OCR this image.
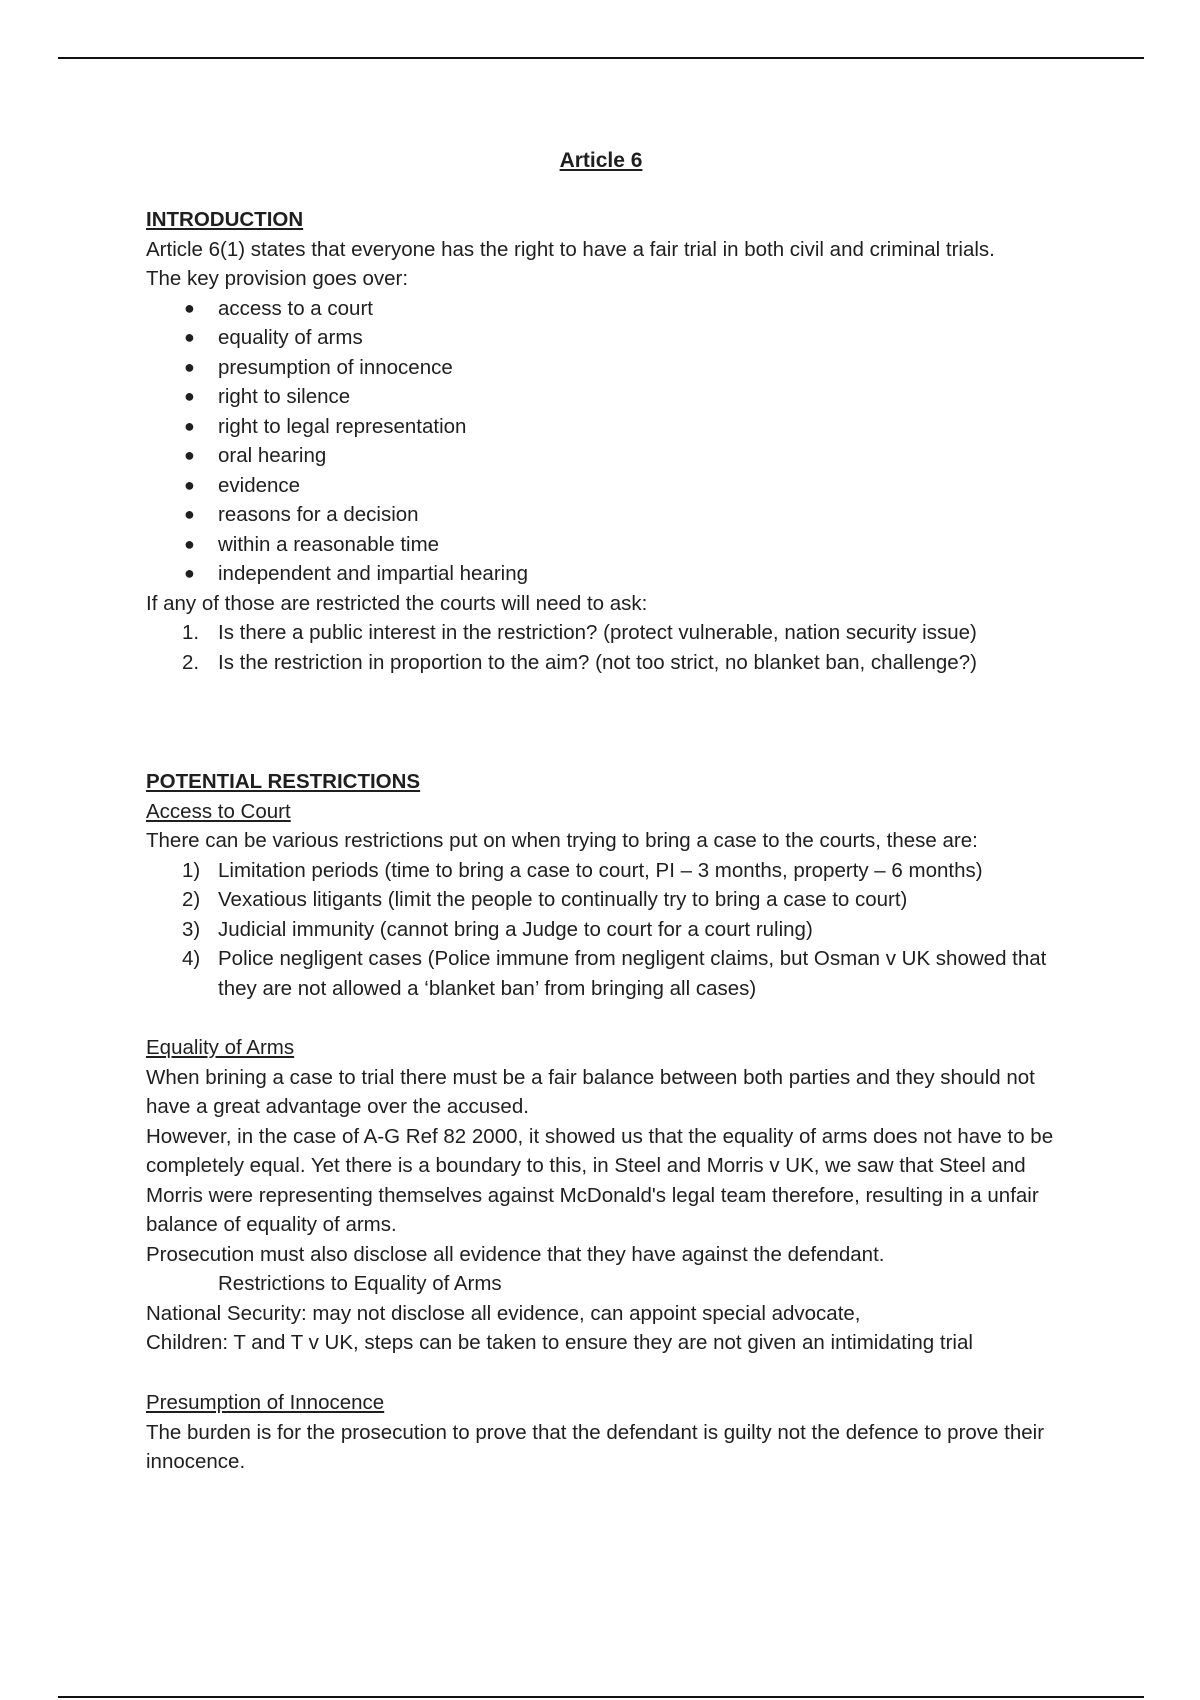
Article 6

INTRODUCTION

Article 6(1) states that everyone has the right to have a fair trial in both civil and criminal trials.

The key provision goes over:

● access to a court
● equality of arms
● presumption of innocence
● right to silence
● right to legal representation
● oral hearing
● evidence
● reasons for a decision
● within a reasonable time
● independent and impartial hearing

If any of those are restricted the courts will need to ask:

1. Is there a public interest in the restriction? (protect vulnerable, nation security issue)
2. Is the restriction in proportion to the aim? (not too strict, no blanket ban, challenge?)

POTENTIAL RESTRICTIONS

Access to Court

There can be various restrictions put on when trying to bring a case to the courts, these are:

1) Limitation periods (time to bring a case to court, PI – 3 months, property – 6 months)
2) Vexatious litigants (limit the people to continually try to bring a case to court)
3) Judicial immunity (cannot bring a Judge to court for a court ruling)
4) Police negligent cases (Police immune from negligent claims, but Osman v UK showed that they are not allowed a ‘blanket ban’ from bringing all cases)

Equality of Arms

When brining a case to trial there must be a fair balance between both parties and they should not have a great advantage over the accused.

However, in the case of A-G Ref 82 2000, it showed us that the equality of arms does not have to be completely equal. Yet there is a boundary to this, in Steel and Morris v UK, we saw that Steel and Morris were representing themselves against McDonald's legal team therefore, resulting in a unfair balance of equality of arms.

Prosecution must also disclose all evidence that they have against the defendant.

Restrictions to Equality of Arms

National Security: may not disclose all evidence, can appoint special advocate,

Children: T and T v UK, steps can be taken to ensure they are not given an intimidating trial

Presumption of Innocence

The burden is for the prosecution to prove that the defendant is guilty not the defence to prove their innocence.
